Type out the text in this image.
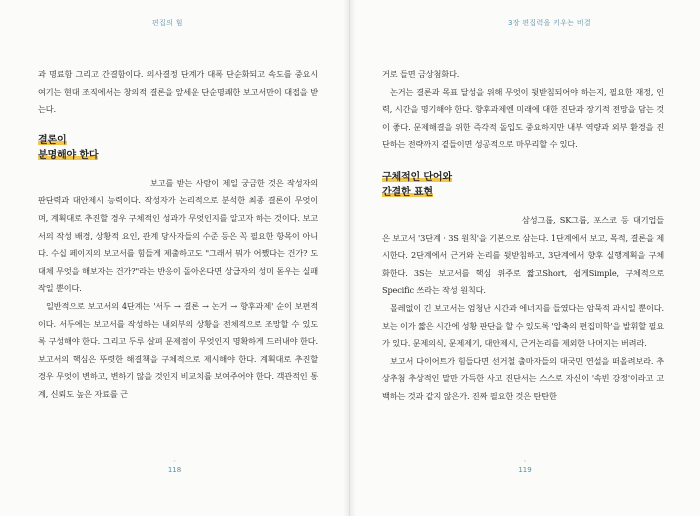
편집의 힘

과 명료함 그리고 간결함이다. 의사결정 단계가 대폭 단순화되고 속도를 중요시 여기는 현대 조직에서는 창의적 결론을 앞세운 단순명쾌한 보고서만이 대접을 받는다.

결론이

분명해야 한다

보고를 받는 사람이 제일 궁금한 것은 작성자의 판단력과 대안제시 능력이다. 작성자가 논리적으로 분석한 최종 결론이 무엇이며, 계획대로 추진할 경우 구체적인 성과가 무엇인지를 알고자 하는 것이다. 보고서의 작성 배경, 상황적 요인, 관계 당사자들의 수준 등은 꼭 필요한 항목이 아니다. 수십 페이지의 보고서를 힘들게 제출하고도 "그래서 뭐가 어쨌다는 건가? 도대체 무엇을 해보자는 건가?"라는 반응이 돌아온다면 상급자의 성미 돋우는 실패작일 뿐이다.

일반적으로 보고서의 4단계는 '서두 → 결론 → 논거 → 향후과제' 순이 보편적이다. 서두에는 보고서를 작성하는 내외부의 상황을 전체적으로 조망할 수 있도록 구성해야 한다. 그리고 두루 살펴 문제점이 무엇인지 명확하게 드러내야 한다. 보고서의 핵심은 뚜렷한 해결책을 구체적으로 제시해야 한다. 계획대로 추진할 경우 무엇이 변하고, 변하기 않을 것인지 비교치를 보여주어야 한다. 객관적인 통계, 신뢰도 높은 자료를 근

◦
118
3장 편집력을 키우는 비결

거로 들면 금상첨화다.

논거는 결론과 목표 달성을 위해 무엇이 뒷받침되어야 하는지, 필요한 재정, 인력, 시간을 명기해야 한다. 향후과제엔 미래에 대한 진단과 장기적 전망을 담는 것이 좋다. 문제해결을 위한 즉각적 돌입도 중요하지만 내부 역량과 외부 환경을 진단하는 전략까지 곁들이면 성공적으로 마무리할 수 있다.

구체적인 단어와

간결한 표현

삼성그룹, SK그룹, 포스코 등 대기업들은 보고서 '3단계 · 3S 원칙'을 기본으로 삼는다. 1단계에서 보고, 목적, 결론을 제시한다. 2단계에서 근거와 논리를 뒷받침하고, 3단계에서 향후 실행계획을 구체화한다. 3S는 보고서를 핵심 위주로 짧고Short, 쉽게Simple, 구체적으로Specific 쓰라는 작성 원칙다.

몰레없이 긴 보고서는 엄청난 시간과 에너지를 들였다는 암묵적 과시일 뿐이다. 보는 이가 짧은 시간에 성황 판단을 할 수 있도록 '압축의 편집미학'을 발휘할 필요가 있다. 문제의식, 문제제기, 대안제시, 근거논리를 제외한 나머지는 버려라.

보고서 다이어트가 힘들다면 선거철 출마자들의 대국민 연설을 떠올려보라. 추상추첨 추상적인 말만 가득한 사고 진단서는 스스로 자신이 '속빈 강정'이라고 고백하는 것과 같지 않은가. 진짜 필요한 것은 탄탄한

◦
119
